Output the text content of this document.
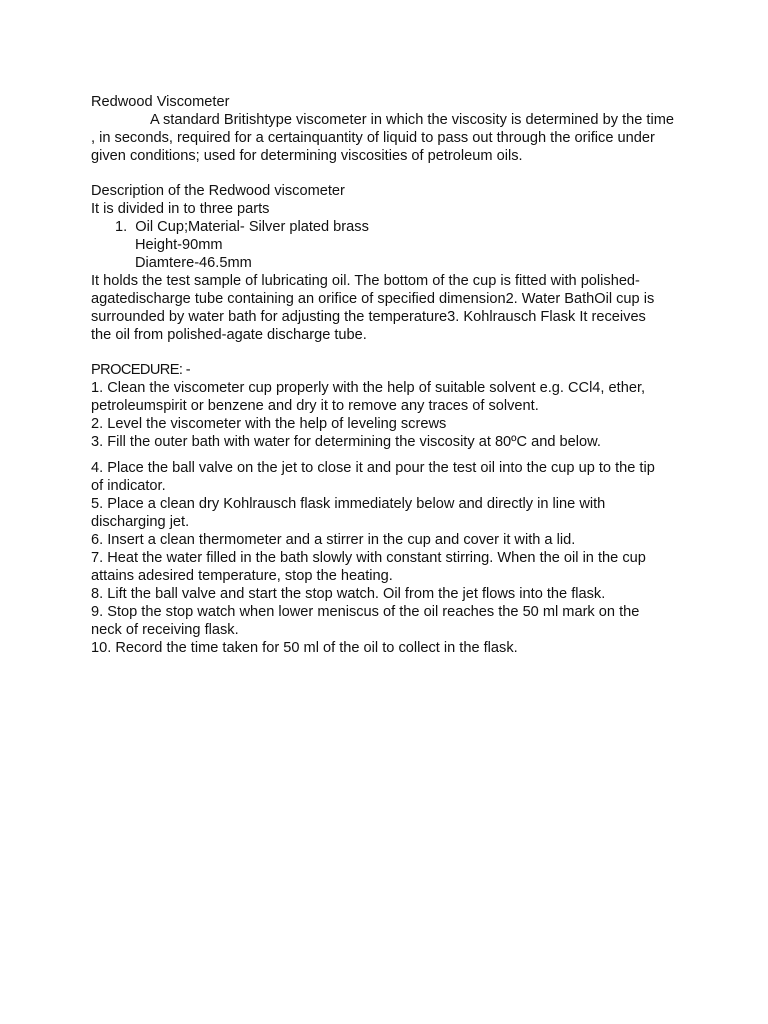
Redwood Viscometer
A standard Britishtype viscometer in which the viscosity is determined by the time
, in seconds, required for a certainquantity of liquid to pass out through the orifice under
given conditions; used for determining viscosities of petroleum oils.
Description of the Redwood viscometer
It is divided in to three parts
1. Oil Cup;Material- Silver plated brass
Height-90mm
Diamtere-46.5mm
It holds the test sample of lubricating oil. The bottom of the cup is fitted with polished-
agatedischarge tube containing an orifice of specified dimension2. Water BathOil cup is
surrounded by water bath for adjusting the temperature3. Kohlrausch Flask It receives
the oil from polished-agate discharge tube.
PROCEDURE: -
1. Clean the viscometer cup properly with the help of suitable solvent e.g. CCl4, ether,
petroleumspirit or benzene and dry it to remove any traces of solvent.
2. Level the viscometer with the help of leveling screws
3. Fill the outer bath with water for determining the viscosity at 80ºC and below.
4. Place the ball valve on the jet to close it and pour the test oil into the cup up to the tip
of indicator.
5. Place a clean dry Kohlrausch flask immediately below and directly in line with
discharging jet.
6. Insert a clean thermometer and a stirrer in the cup and cover it with a lid.
7. Heat the water filled in the bath slowly with constant stirring. When the oil in the cup
attains adesired temperature, stop the heating.
8. Lift the ball valve and start the stop watch. Oil from the jet flows into the flask.
9. Stop the stop watch when lower meniscus of the oil reaches the 50 ml mark on the
neck of receiving flask.
10. Record the time taken for 50 ml of the oil to collect in the flask.
